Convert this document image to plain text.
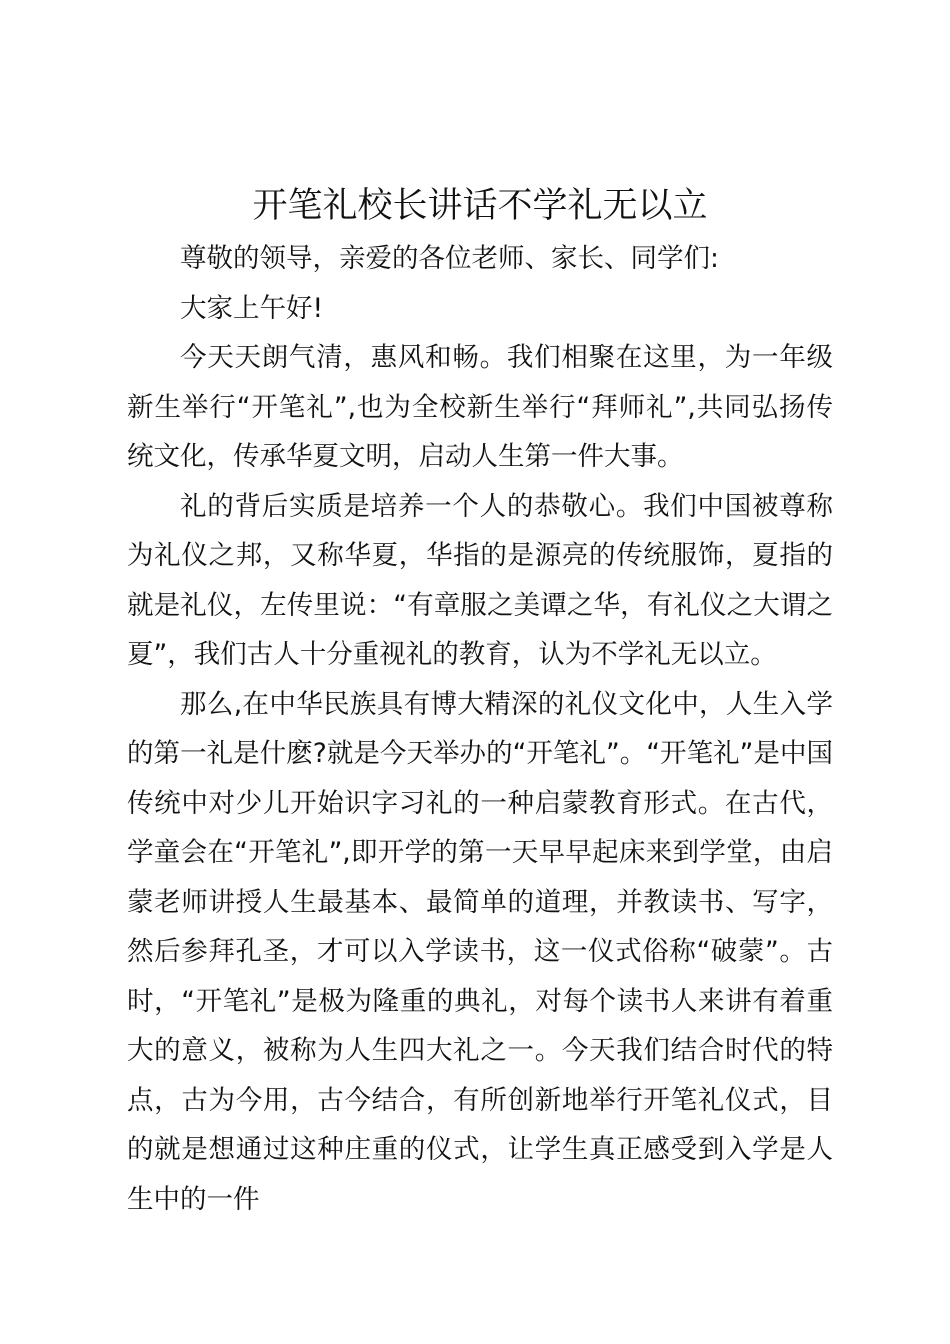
开笔礼校长讲话不学礼无以立

尊敬的领导，亲爱的各位老师、家长、同学们:

大家上午好!

今天天朗气清，惠风和畅。我们相聚在这里，为一年级新生举行“开笔礼”,也为全校新生举行“拜师礼”,共同弘扬传统文化，传承华夏文明，启动人生第一件大事。

礼的背后实质是培养一个人的恭敬心。我们中国被尊称为礼仪之邦，又称华夏，华指的是源亮的传统服饰，夏指的就是礼仪，左传里说：“有章服之美谭之华，有礼仪之大谓之夏”，我们古人十分重视礼的教育，认为不学礼无以立。

那么,在中华民族具有博大精深的礼仪文化中，人生入学的第一礼是什麽?就是今天举办的“开笔礼”。“开笔礼”是中国传统中对少儿开始识字习礼的一种启蒙教育形式。在古代，学童会在“开笔礼”,即开学的第一天早早起床来到学堂，由启蒙老师讲授人生最基本、最简单的道理，并教读书、写字，然后参拜孔圣，才可以入学读书，这一仪式俗称“破蒙”。古时，“开笔礼”是极为隆重的典礼，对每个读书人来讲有着重大的意义，被称为人生四大礼之一。今天我们结合时代的特点，古为今用，古今结合，有所创新地举行开笔礼仪式，目的就是想通过这种庄重的仪式，让学生真正感受到入学是人生中的一件
